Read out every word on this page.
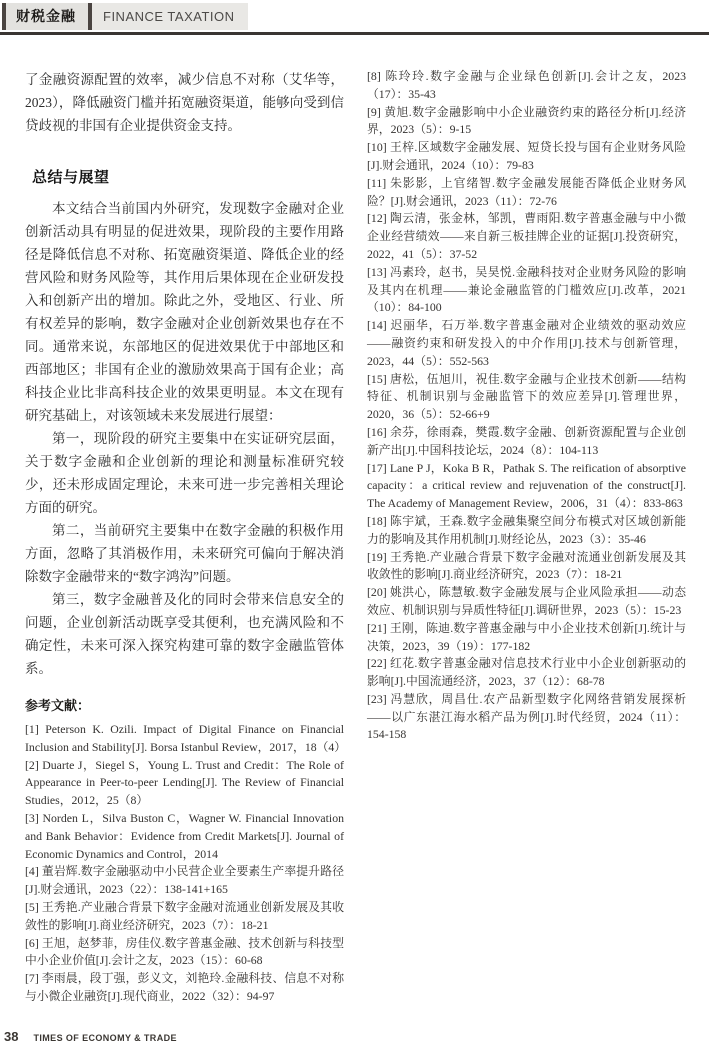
财税金融	FINANCE TAXATION

了金融资源配置的效率，减少信息不对称（艾华等，2023），降低融资门槛并拓宽融资渠道，能够向受到信贷歧视的非国有企业提供资金支持。

总结与展望

本文结合当前国内外研究，发现数字金融对企业创新活动具有明显的促进效果，现阶段的主要作用路径是降低信息不对称、拓宽融资渠道、降低企业的经营风险和财务风险等，其作用后果体现在企业研发投入和创新产出的增加。除此之外，受地区、行业、所有权差异的影响，数字金融对企业创新效果也存在不同。通常来说，东部地区的促进效果优于中部地区和西部地区；非国有企业的激励效果高于国有企业；高科技企业比非高科技企业的效果更明显。本文在现有研究基础上，对该领域未来发展进行展望：

第一，现阶段的研究主要集中在实证研究层面，关于数字金融和企业创新的理论和测量标准研究较少，还未形成固定理论，未来可进一步完善相关理论方面的研究。

第二，当前研究主要集中在数字金融的积极作用方面，忽略了其消极作用，未来研究可偏向于解决消除数字金融带来的“数字鸿沟”问题。

第三，数字金融普及化的同时会带来信息安全的问题，企业创新活动既享受其便利，也充满风险和不确定性，未来可深入探究构建可靠的数字金融监管体系。

参考文献：

[1] Peterson K. Ozili. Impact of Digital Finance on Financial Inclusion and Stability[J]. Borsa Istanbul Review，2017，18（4）

[2] Duarte J，Siegel S，Young L. Trust and Credit：The Role of Appearance in Peer-to-peer Lending[J]. The Review of Financial Studies，2012，25（8）

[3] Norden L，Silva Buston C，Wagner W. Financial Innovation and Bank Behavior：Evidence from Credit Markets[J]. Journal of Economic Dynamics and Control，2014

[4] 董岩辉.数字金融驱动中小民营企业全要素生产率提升路径[J].财会通讯，2023（22）：138-141+165

[5] 王秀艳.产业融合背景下数字金融对流通业创新发展及其收敛性的影响[J].商业经济研究，2023（7）：18-21

[6] 王旭，赵梦菲，房佳仪.数字普惠金融、技术创新与科技型中小企业价值[J].会计之友，2023（15）：60-68

[7] 李雨晨，段丁强，彭义文，刘艳玲.金融科技、信息不对称与小微企业融资[J].现代商业，2022（32）：94-97

[8] 陈玲玲.数字金融与企业绿色创新[J].会计之友，2023（17）：35-43

[9] 黄旭.数字金融影响中小企业融资约束的路径分析[J].经济界，2023（5）：9-15

[10] 王梓.区域数字金融发展、短贷长投与国有企业财务风险[J].财会通讯，2024（10）：79-83

[11] 朱影影，上官绪智.数字金融发展能否降低企业财务风险？[J].财会通讯，2023（11）：72-76

[12] 陶云清，张金林，邹凯，曹雨阳.数字普惠金融与中小微企业经营绩效——来自新三板挂牌企业的证据[J].投资研究，2022，41（5）：37-52

[13] 冯素玲，赵书，吴昊悦.金融科技对企业财务风险的影响及其内在机理——兼论金融监管的门槛效应[J].改革，2021（10）：84-100

[14] 迟丽华，石万举.数字普惠金融对企业绩效的驱动效应——融资约束和研发投入的中介作用[J].技术与创新管理，2023，44（5）：552-563

[15] 唐松，伍旭川，祝佳.数字金融与企业技术创新——结构特征、机制识别与金融监管下的效应差异[J].管理世界，2020，36（5）：52-66+9

[16] 余芬，徐雨森，樊霞.数字金融、创新资源配置与企业创新产出[J].中国科技论坛，2024（8）：104-113

[17] Lane P J，Koka B R，Pathak S. The reification of absorptive capacity：a critical review and rejuvenation of the construct[J]. The Academy of Management Review，2006，31（4）：833-863

[18] 陈宇斌，王森.数字金融集聚空间分布模式对区域创新能力的影响及其作用机制[J].财经论丛，2023（3）：35-46

[19] 王秀艳.产业融合背景下数字金融对流通业创新发展及其收敛性的影响[J].商业经济研究，2023（7）：18-21

[20] 姚洪心，陈慧敏.数字金融发展与企业风险承担——动态效应、机制识别与异质性特征[J].调研世界，2023（5）：15-23

[21] 王刚，陈迪.数字普惠金融与中小企业技术创新[J].统计与决策，2023，39（19）：177-182

[22] 红花.数字普惠金融对信息技术行业中小企业创新驱动的影响[J].中国流通经济，2023，37（12）：68-78

[23] 冯慧欣，周昌仕.农产品新型数字化网络营销发展探析——以广东湛江海水稻产品为例[J].时代经贸，2024（11）：154-158

38 TIMES OF ECONOMY & TRADE
